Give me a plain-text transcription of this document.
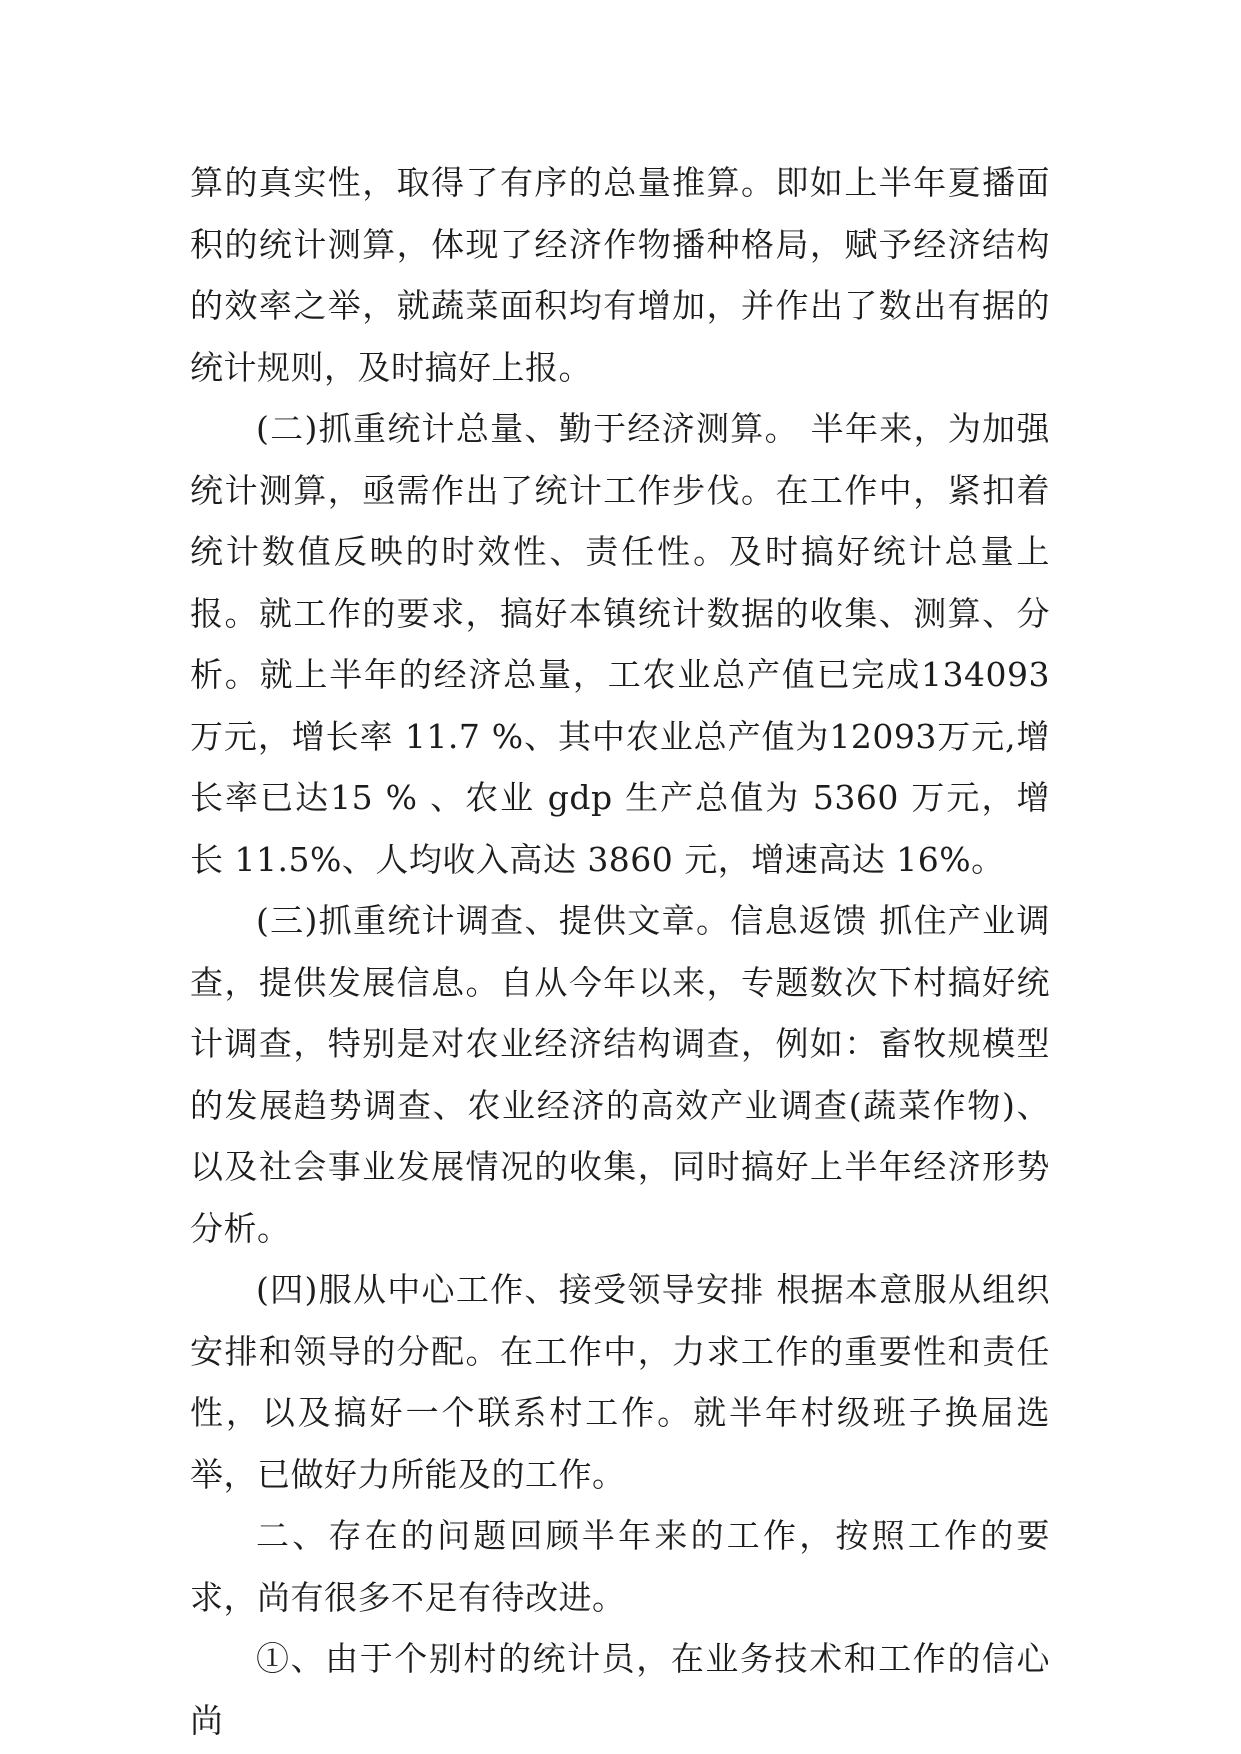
算的真实性，取得了有序的总量推算。即如上半年夏播面积的统计测算，体现了经济作物播种格局，赋予经济结构的效率之举，就蔬菜面积均有增加，并作出了数出有据的统计规则，及时搞好上报。

(二)抓重统计总量、勤于经济测算。 半年来，为加强统计测算，亟需作出了统计工作步伐。在工作中，紧扣着统计数值反映的时效性、责任性。及时搞好统计总量上报。就工作的要求，搞好本镇统计数据的收集、测算、分析。就上半年的经济总量，工农业总产值已完成134093万元，增长率 11.7 %、其中农业总产值为12093万元,增长率已达15 % 、农业 gdp 生产总值为 5360 万元，增长 11.5%、人均收入高达 3860 元，增速高达 16%。

(三)抓重统计调查、提供文章。信息返馈 抓住产业调查，提供发展信息。自从今年以来，专题数次下村搞好统计调查，特别是对农业经济结构调查，例如：畜牧规模型的发展趋势调查、农业经济的高效产业调查(蔬菜作物)、以及社会事业发展情况的收集，同时搞好上半年经济形势分析。

(四)服从中心工作、接受领导安排 根据本意服从组织安排和领导的分配。在工作中，力求工作的重要性和责任性，以及搞好一个联系村工作。就半年村级班子换届选举，已做好力所能及的工作。

二、存在的问题回顾半年来的工作，按照工作的要求，尚有很多不足有待改进。

①、由于个别村的统计员，在业务技术和工作的信心尚
